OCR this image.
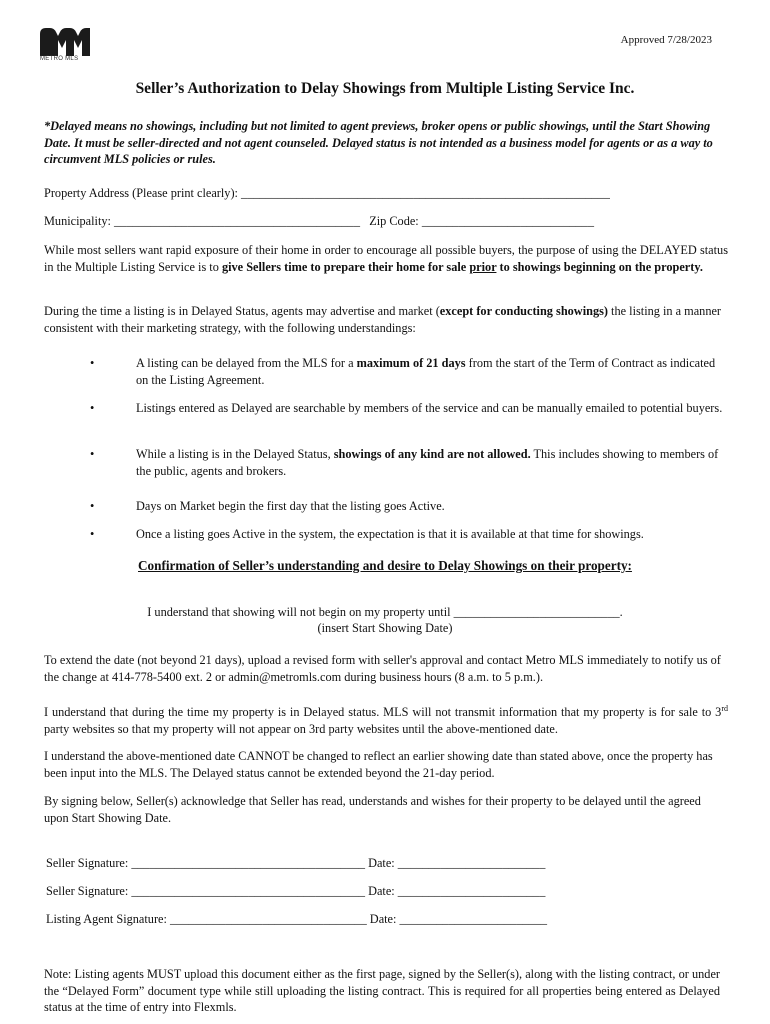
METRO MLS
Approved 7/28/2023
Seller’s Authorization to Delay Showings from Multiple Listing Service Inc.
*Delayed means no showings, including but not limited to agent previews, broker opens or public showings, until the Start Showing Date. It must be seller-directed and not agent counseled. Delayed status is not intended as a business model for agents or as a way to circumvent MLS policies or rules.
Property Address (Please print clearly): ____________________________________________________________
Municipality: ________________________________________ Zip Code: ____________________________
While most sellers want rapid exposure of their home in order to encourage all possible buyers, the purpose of using the DELAYED status in the Multiple Listing Service is to give Sellers time to prepare their home for sale prior to showings beginning on the property.
During the time a listing is in Delayed Status, agents may advertise and market (except for conducting showings) the listing in a manner consistent with their marketing strategy, with the following understandings:
•	A listing can be delayed from the MLS for a maximum of 21 days from the start of the Term of Contract as indicated on the Listing Agreement.
•	Listings entered as Delayed are searchable by members of the service and can be manually emailed to potential buyers.
•	While a listing is in the Delayed Status, showings of any kind are not allowed. This includes showing to members of the public, agents and brokers.
•	Days on Market begin the first day that the listing goes Active.
•	Once a listing goes Active in the system, the expectation is that it is available at that time for showings.
Confirmation of Seller’s understanding and desire to Delay Showings on their property:
I understand that showing will not begin on my property until ___________________________.
(insert Start Showing Date)
To extend the date (not beyond 21 days), upload a revised form with seller's approval and contact Metro MLS immediately to notify us of the change at 414-778-5400 ext. 2 or admin@metromls.com during business hours (8 a.m. to 5 p.m.).
I understand that during the time my property is in Delayed status. MLS will not transmit information that my property is for sale to 3rd party websites so that my property will not appear on 3rd party websites until the above-mentioned date.
I understand the above-mentioned date CANNOT be changed to reflect an earlier showing date than stated above, once the property has been input into the MLS. The Delayed status cannot be extended beyond the 21-day period.
By signing below, Seller(s) acknowledge that Seller has read, understands and wishes for their property to be delayed until the agreed upon Start Showing Date.
Seller Signature: ______________________________________ Date: ________________________
Seller Signature: ______________________________________ Date: ________________________
Listing Agent Signature: ________________________________ Date: ________________________
Note: Listing agents MUST upload this document either as the first page, signed by the Seller(s), along with the listing contract, or under the “Delayed Form” document type while still uploading the listing contract. This is required for all properties being entered as Delayed status at the time of entry into Flexmls.
